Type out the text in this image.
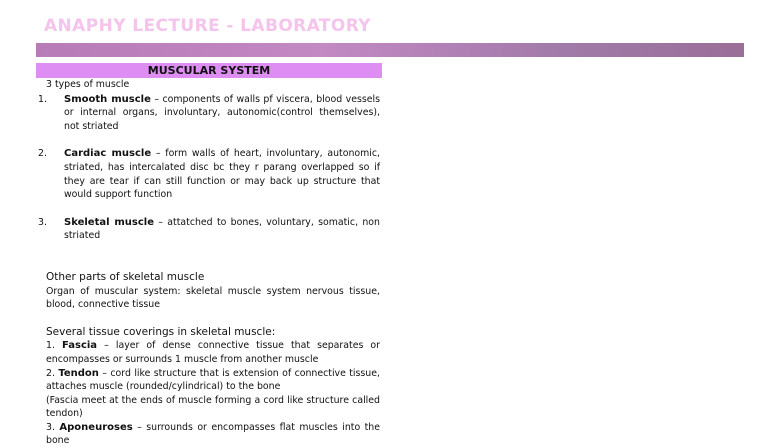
ANAPHY LECTURE - LABORATORY
MUSCULAR SYSTEM

3 types of muscle

1. Smooth muscle – components of walls pf viscera, blood vessels or internal organs, involuntary, autonomic(control themselves), not striated
2. Cardiac muscle – form walls of heart, involuntary, autonomic, striated, has intercalated disc bc they r parang overlapped so if they are tear if can still function or may back up structure that would support function
3. Skeletal muscle – attatched to bones, voluntary, somatic, non striated

Other parts of skeletal muscle

Organ of muscular system: skeletal muscle system nervous tissue, blood, connective tissue

Several tissue coverings in skeletal muscle:

1. Fascia – layer of dense connective tissue that separates or encompasses or surrounds 1 muscle from another muscle

2. Tendon – cord like structure that is extension of connective tissue, attaches muscle (rounded/cylindrical) to the bone

(Fascia meet at the ends of muscle forming a cord like structure called tendon)

3. Aponeuroses – surrounds or encompasses flat muscles into the bone
